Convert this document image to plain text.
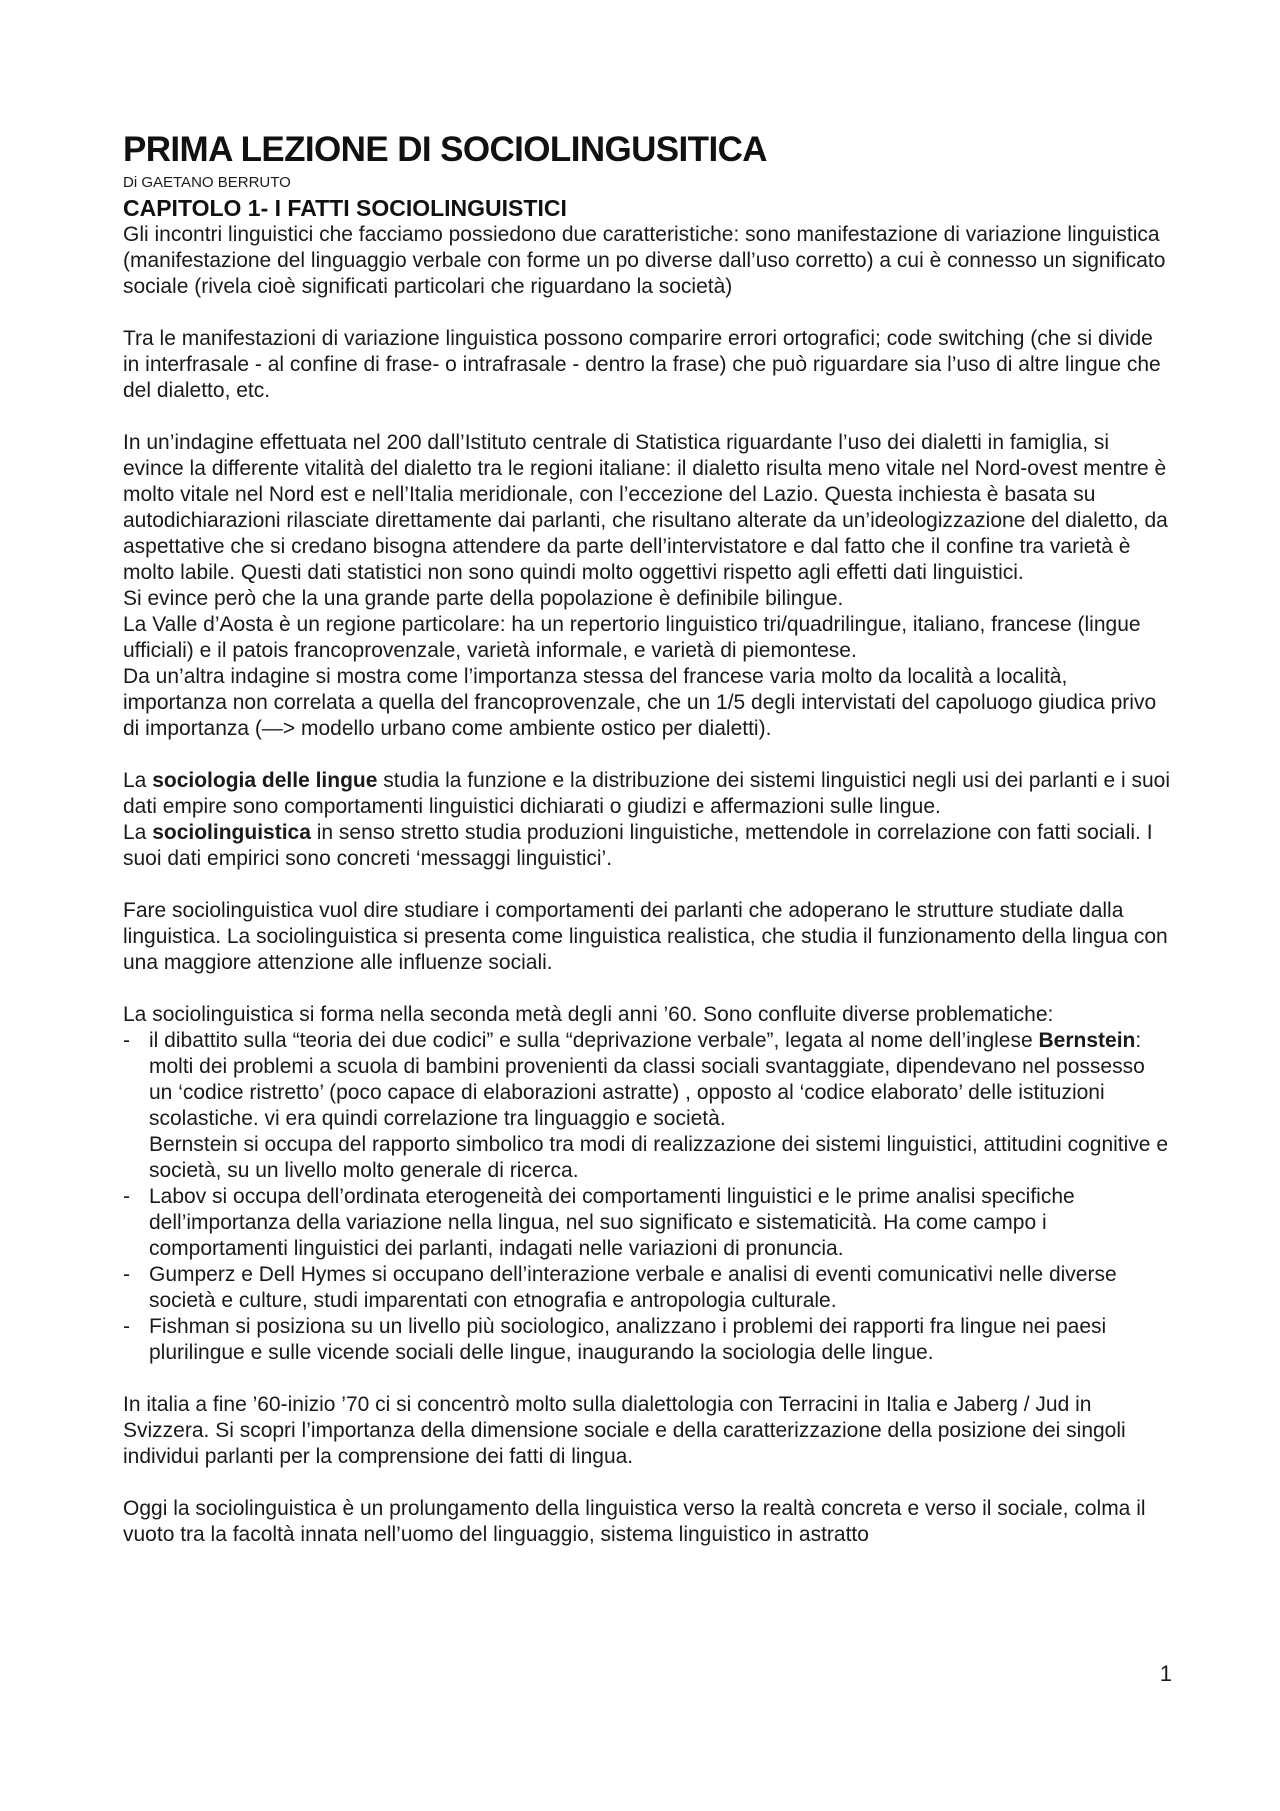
PRIMA LEZIONE DI SOCIOLINGUSITICA
Di GAETANO BERRUTO
CAPITOLO 1- I FATTI SOCIOLINGUISTICI

Gli incontri linguistici che facciamo possiedono due caratteristiche: sono manifestazione di variazione linguistica (manifestazione del linguaggio verbale con forme un po diverse dall’uso corretto) a cui è connesso un significato sociale (rivela cioè significati particolari che riguardano la società)

Tra le manifestazioni di variazione linguistica possono comparire errori ortografici; code switching (che si divide in interfrasale - al confine di frase- o intrafrasale - dentro la frase) che può riguardare sia l’uso di altre lingue che del dialetto, etc.

In un’indagine effettuata nel 200 dall’Istituto centrale di Statistica riguardante l’uso dei dialetti in famiglia, si evince la differente vitalità del dialetto tra le regioni italiane: il dialetto risulta meno vitale nel Nord-ovest mentre è molto vitale nel Nord est e nell’Italia meridionale, con l’eccezione del Lazio. Questa inchiesta è basata su autodichiarazioni rilasciate direttamente dai parlanti, che risultano alterate da un’ideologizzazione del dialetto, da aspettative che si credano bisogna attendere da parte dell’intervistatore e dal fatto che il confine tra varietà è molto labile. Questi dati statistici non sono quindi molto oggettivi rispetto agli effetti dati linguistici.

Si evince però che la una grande parte della popolazione è definibile bilingue.

La Valle d’Aosta è un regione particolare: ha un repertorio linguistico tri/quadrilingue, italiano, francese (lingue ufficiali) e il patois francoprovenzale, varietà informale, e varietà di piemontese.

Da un’altra indagine si mostra come l’importanza stessa del francese varia molto da località a località, importanza non correlata a quella del francoprovenzale, che un 1/5 degli intervistati del capoluogo giudica privo di importanza (—> modello urbano come ambiente ostico per dialetti).

La sociologia delle lingue studia la funzione e la distribuzione dei sistemi linguistici negli usi dei parlanti e i suoi dati empire sono comportamenti linguistici dichiarati o giudizi e affermazioni sulle lingue.

La sociolinguistica in senso stretto studia produzioni linguistiche, mettendole in correlazione con fatti sociali. I suoi dati empirici sono concreti ‘messaggi linguistici’.

Fare sociolinguistica vuol dire studiare i comportamenti dei parlanti che adoperano le strutture studiate dalla linguistica. La sociolinguistica si presenta come linguistica realistica, che studia il funzionamento della lingua con una maggiore attenzione alle influenze sociali.

La sociolinguistica si forma nella seconda metà degli anni ’60. Sono confluite diverse problematiche:

- il dibattito sulla “teoria dei due codici” e sulla “deprivazione verbale”, legata al nome dell’inglese Bernstein: molti dei problemi a scuola di bambini provenienti da classi sociali svantaggiate, dipendevano nel possesso un ‘codice ristretto’ (poco capace di elaborazioni astratte) , opposto al ‘codice elaborato’ delle istituzioni scolastiche. vi era quindi correlazione tra linguaggio e società.
Bernstein si occupa del rapporto simbolico tra modi di realizzazione dei sistemi linguistici, attitudini cognitive e società, su un livello molto generale di ricerca.
- Labov si occupa dell’ordinata eterogeneità dei comportamenti linguistici e le prime analisi specifiche dell’importanza della variazione nella lingua, nel suo significato e sistematicità. Ha come campo i comportamenti linguistici dei parlanti, indagati nelle variazioni di pronuncia.
- Gumperz e Dell Hymes si occupano dell’interazione verbale e analisi di eventi comunicativi nelle diverse società e culture, studi imparentati con etnografia e antropologia culturale.
- Fishman si posiziona su un livello più sociologico, analizzano i problemi dei rapporti fra lingue nei paesi plurilingue e sulle vicende sociali delle lingue, inaugurando la sociologia delle lingue.

In italia a fine ’60-inizio ’70 ci si concentrò molto sulla dialettologia con Terracini in Italia e Jaberg / Jud in Svizzera. Si scopri l’importanza della dimensione sociale e della caratterizzazione della posizione dei singoli individui parlanti per la comprensione dei fatti di lingua.

Oggi la sociolinguistica è un prolungamento della linguistica verso la realtà concreta e verso il sociale, colma il vuoto tra la facoltà innata nell’uomo del linguaggio, sistema linguistico in astratto

1
